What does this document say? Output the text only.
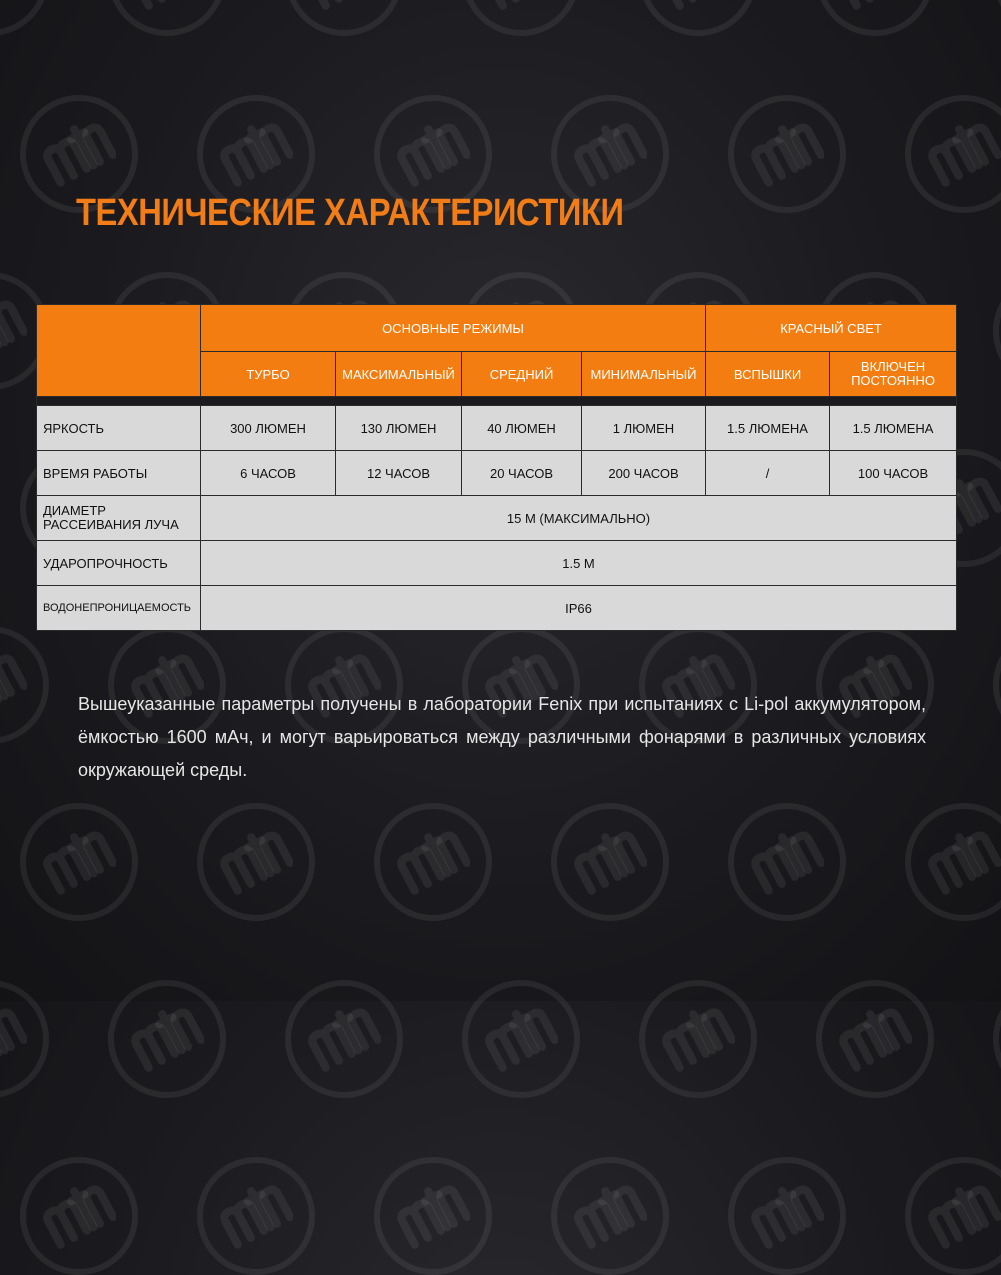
ТЕХНИЧЕСКИЕ ХАРАКТЕРИСТИКИ
	ОСНОВНЫЕ РЕЖИМЫ				КРАСНЫЙ СВЕТ	
	ТУРБО	МАКСИМАЛЬНЫЙ	СРЕДНИЙ	МИНИМАЛЬНЫЙ	ВСПЫШКИ	ВКЛЮЧЕН
ПОСТОЯННО

ЯРКОСТЬ	300 ЛЮМЕН	130 ЛЮМЕН	40 ЛЮМЕН	1 ЛЮМЕН	1.5 ЛЮМЕНА	1.5 ЛЮМЕНА
ВРЕМЯ РАБОТЫ	6 ЧАСОВ	12 ЧАСОВ	20 ЧАСОВ	200 ЧАСОВ	/	100 ЧАСОВ
ДИАМЕТР
РАССЕИВАНИЯ ЛУЧА	15 М (МАКСИМАЛЬНО)					
УДАРОПРОЧНОСТЬ	1.5 М					
ВОДОНЕПРОНИЦАЕМОСТЬ	IP66					

Вышеуказанные параметры получены в лаборатории Fenix при испытаниях с Li-pol аккумулятором, ёмкостью 1600 мАч, и могут варьироваться между различными фонарями в различных условиях окружающей среды.
